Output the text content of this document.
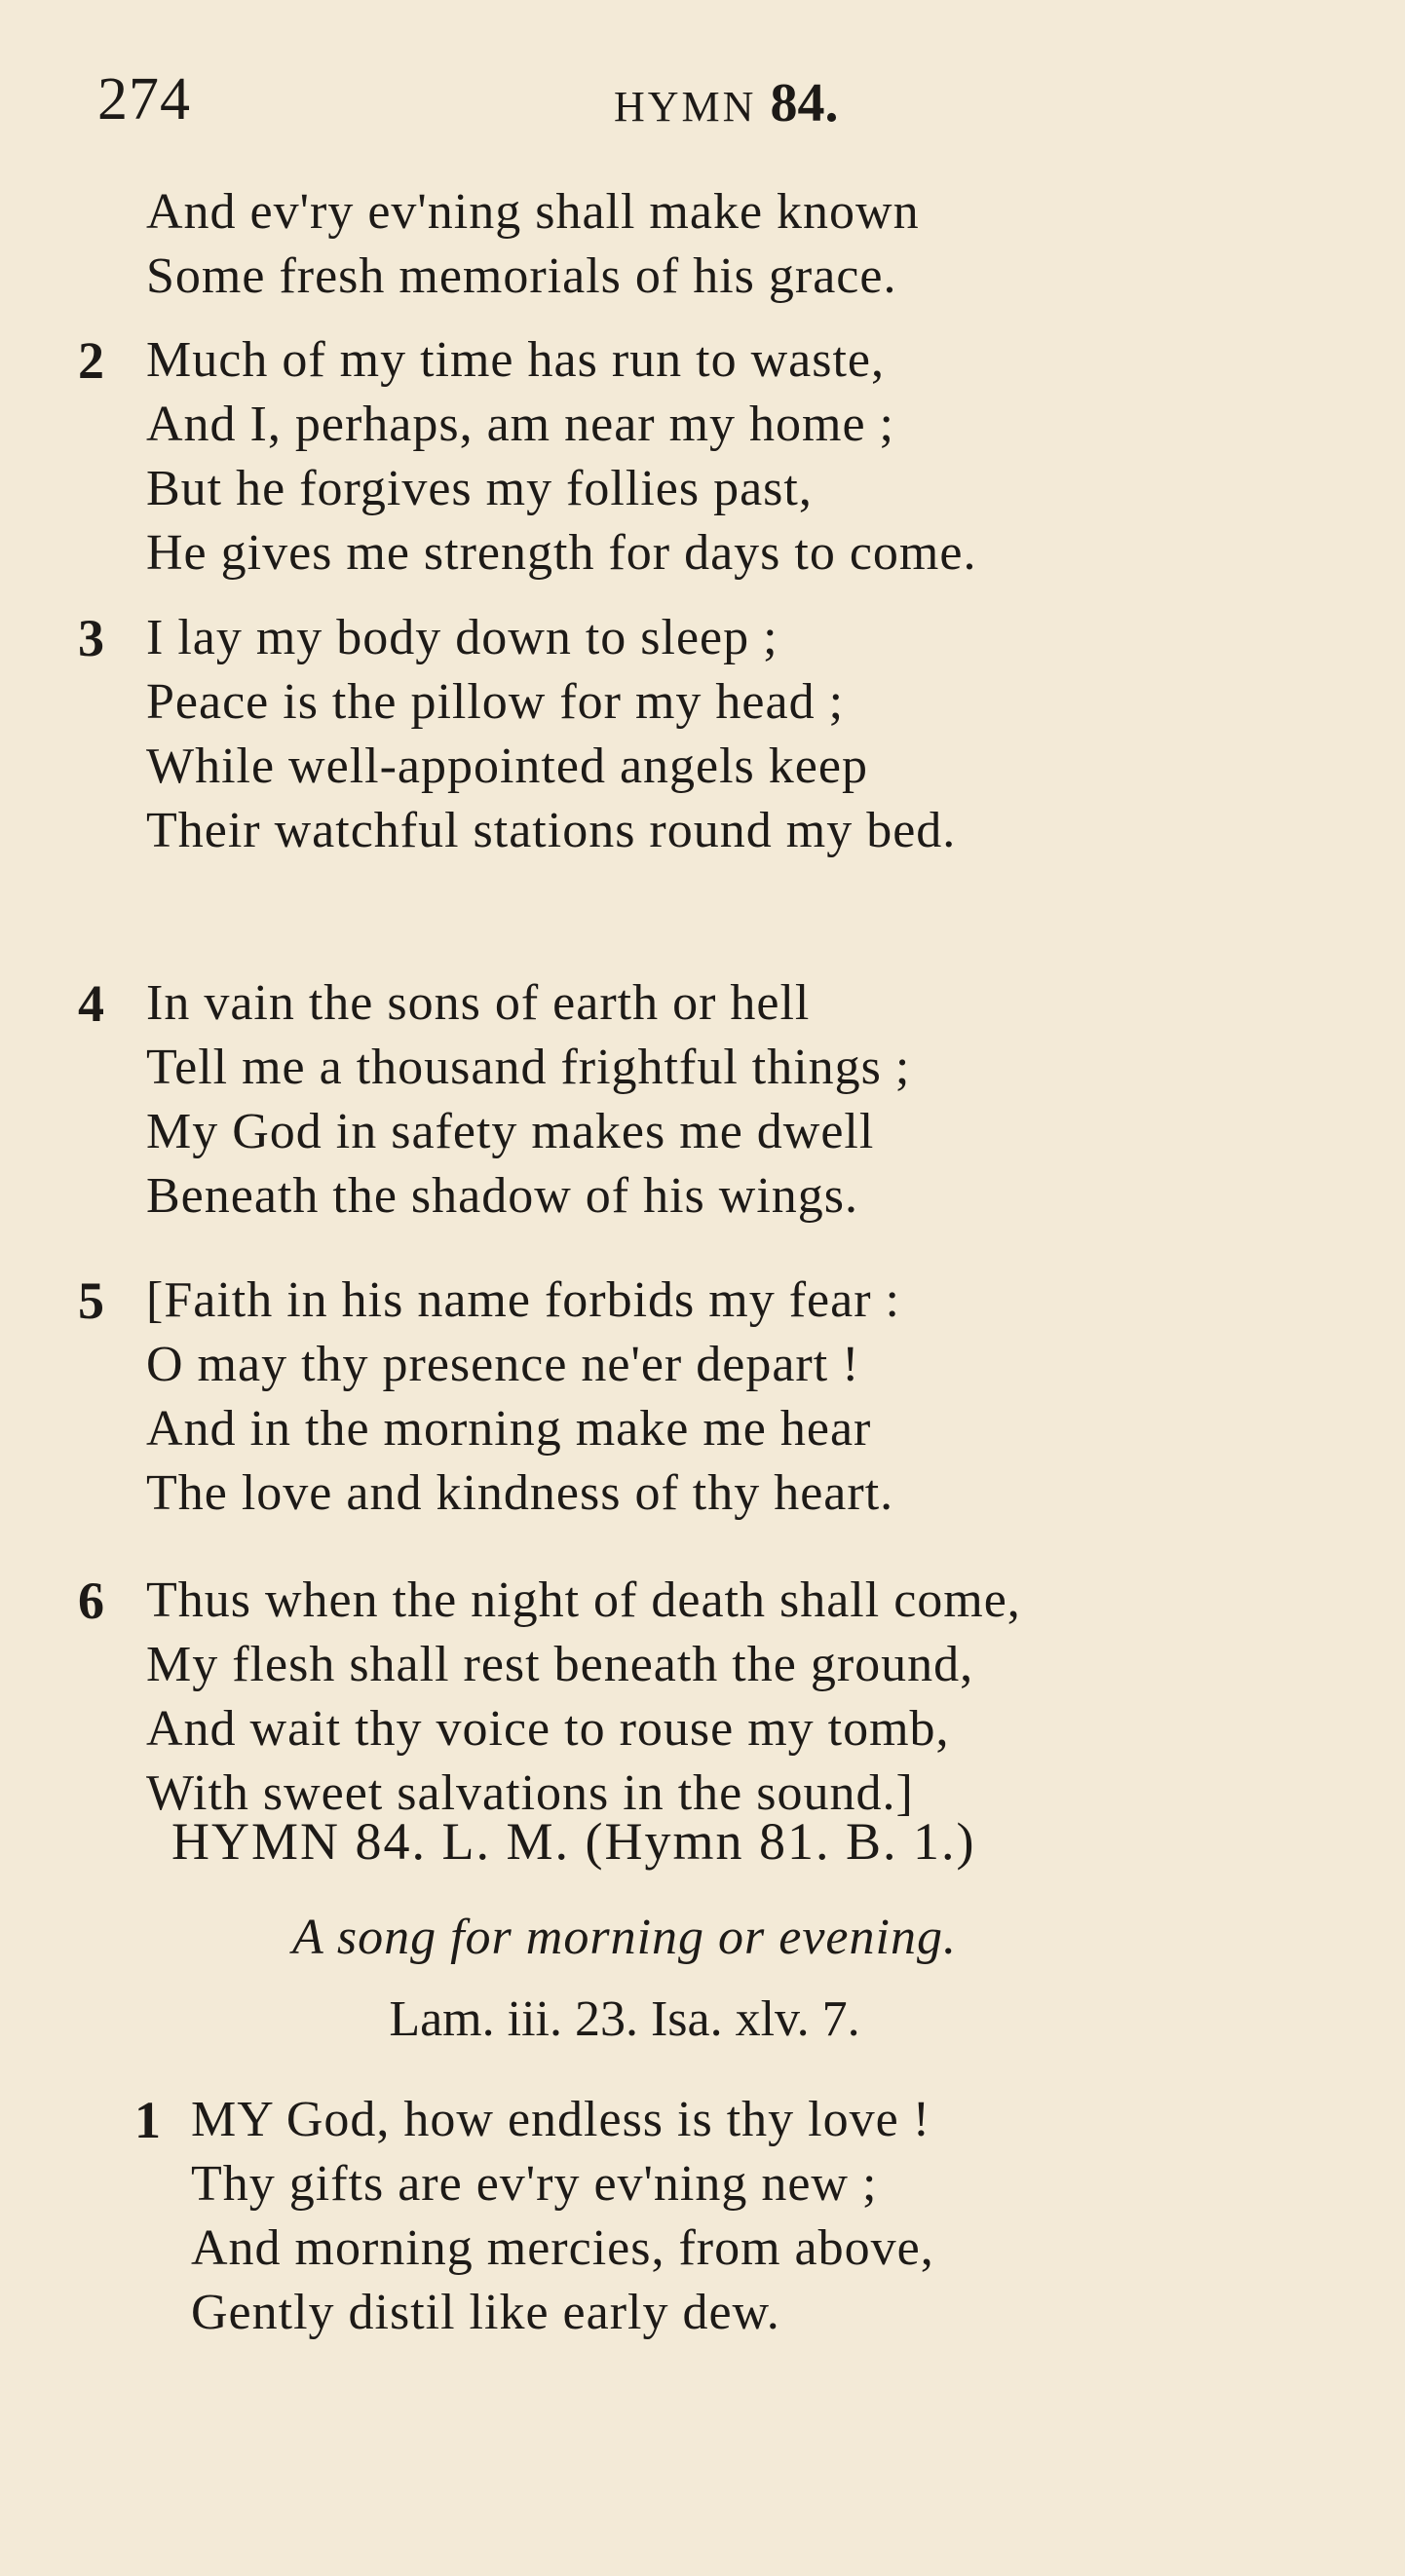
274	HYMN 84.
And ev'ry ev'ning shall make known
Some fresh memorials of his grace.
2 Much of my time has run to waste,
And I, perhaps, am near my home ;
But he forgives my follies past,
He gives me strength for days to come.
3 I lay my body down to sleep ;
Peace is the pillow for my head ;
While well-appointed angels keep
Their watchful stations round my bed.
4 In vain the sons of earth or hell
Tell me a thousand frightful things ;
My God in safety makes me dwell
Beneath the shadow of his wings.
5 [Faith in his name forbids my fear :
O may thy presence ne'er depart !
And in the morning make me hear
The love and kindness of thy heart.
6 Thus when the night of death shall come,
My flesh shall rest beneath the ground,
And wait thy voice to rouse my tomb,
With sweet salvations in the sound.]
HYMN 84. L. M. (Hymn 81. B. 1.)
A song for morning or evening.
Lam. iii. 23. Isa. xlv. 7.
1 MY God, how endless is thy love !
Thy gifts are ev'ry ev'ning new ;
And morning mercies, from above,
Gently distil like early dew.
